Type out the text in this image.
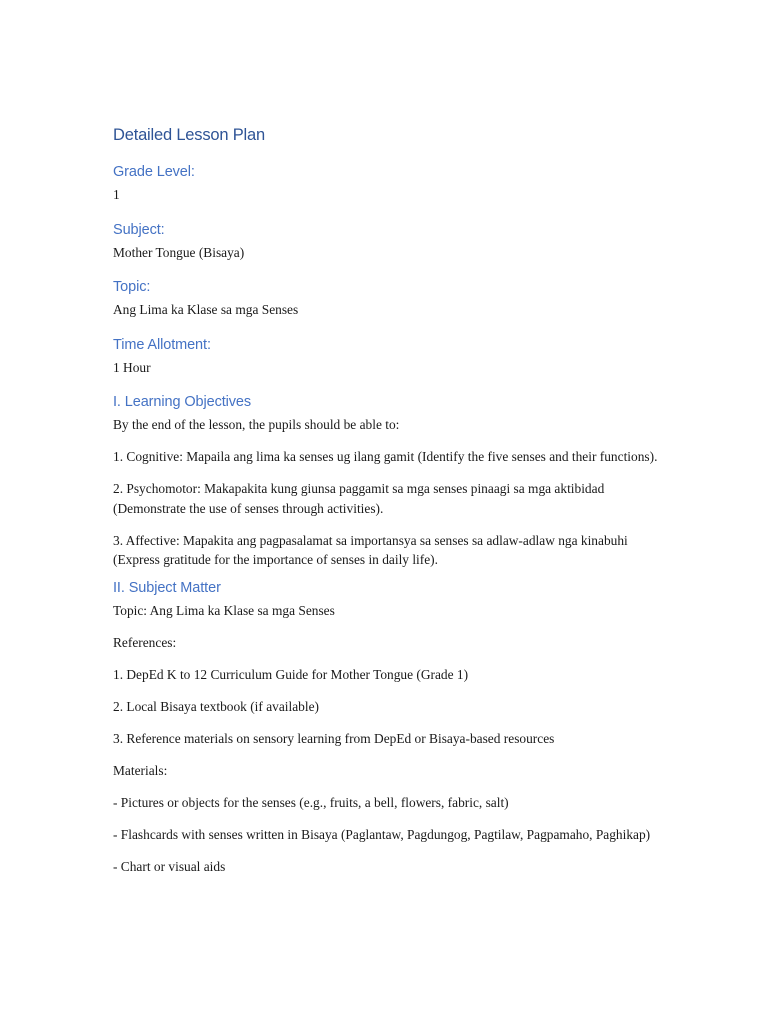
Detailed Lesson Plan
Grade Level:
1
Subject:
Mother Tongue (Bisaya)
Topic:
Ang Lima ka Klase sa mga Senses
Time Allotment:
1 Hour
I. Learning Objectives
By the end of the lesson, the pupils should be able to:
1. Cognitive: Mapaila ang lima ka senses ug ilang gamit (Identify the five senses and their functions).
2. Psychomotor: Makapakita kung giunsa paggamit sa mga senses pinaagi sa mga aktibidad (Demonstrate the use of senses through activities).
3. Affective: Mapakita ang pagpasalamat sa importansya sa senses sa adlaw-adlaw nga kinabuhi (Express gratitude for the importance of senses in daily life).
II. Subject Matter
Topic: Ang Lima ka Klase sa mga Senses
References:
1. DepEd K to 12 Curriculum Guide for Mother Tongue (Grade 1)
2. Local Bisaya textbook (if available)
3. Reference materials on sensory learning from DepEd or Bisaya-based resources
Materials:
- Pictures or objects for the senses (e.g., fruits, a bell, flowers, fabric, salt)
- Flashcards with senses written in Bisaya (Paglantaw, Pagdungog, Pagtilaw, Pagpamaho, Paghikap)
- Chart or visual aids
